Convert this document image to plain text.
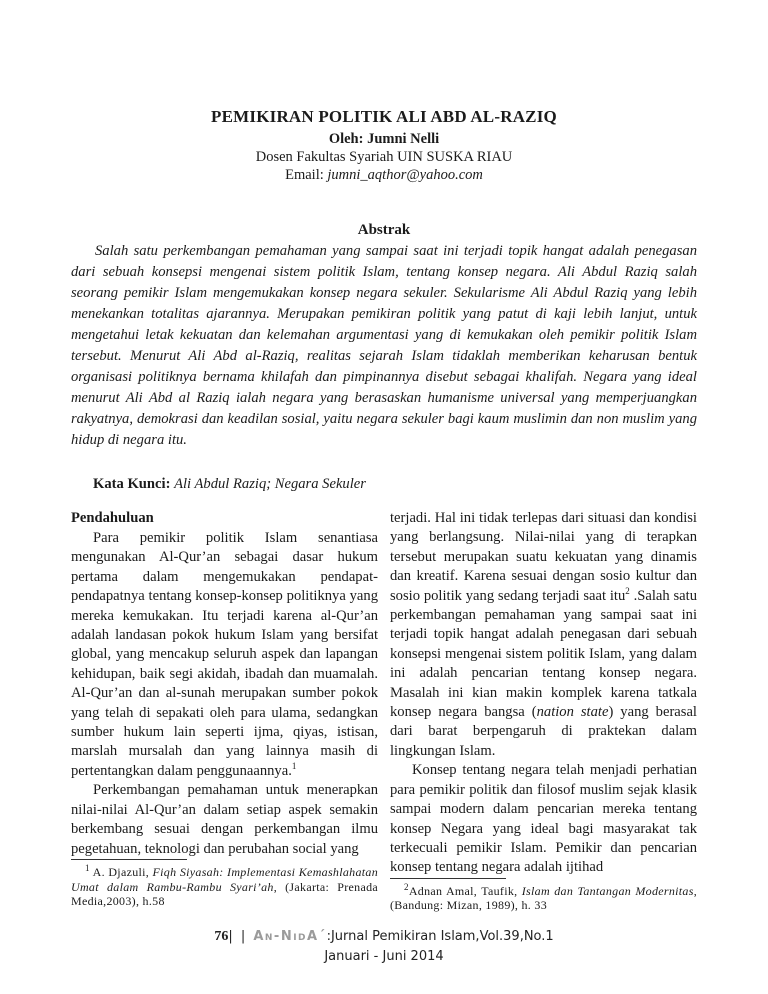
PEMIKIRAN POLITIK ALI ABD AL-RAZIQ
Oleh: Jumni Nelli
Dosen Fakultas Syariah UIN SUSKA RIAU
Email: jumni_aqthor@yahoo.com
Abstrak

Salah satu perkembangan pemahaman yang sampai saat ini terjadi topik hangat adalah penegasan dari sebuah konsepsi mengenai sistem politik Islam, tentang konsep negara. Ali Abdul Raziq salah seorang pemikir Islam mengemukakan konsep negara sekuler. Sekularisme Ali Abdul Raziq yang lebih menekankan totalitas ajarannya. Merupakan pemikiran politik yang patut di kaji lebih lanjut, untuk mengetahui letak kekuatan dan kelemahan argumentasi yang di kemukakan oleh pemikir politik Islam tersebut. Menurut Ali Abd al-Raziq, realitas sejarah Islam tidaklah memberikan keharusan bentuk organisasi politiknya bernama khilafah dan pimpinannya disebut sebagai khalifah. Negara yang ideal menurut Ali Abd al Raziq ialah negara yang berasaskan humanisme universal yang memperjuangkan rakyatnya, demokrasi dan keadilan sosial, yaitu negara sekuler bagi kaum muslimin dan non muslim yang hidup di negara itu.

Kata Kunci: Ali Abdul Raziq; Negara Sekuler
Pendahuluan

Para pemikir politik Islam senantiasa mengunakan Al-Qur’an sebagai dasar hukum pertama dalam mengemukakan pendapat-pendapatnya tentang konsep-konsep politiknya yang mereka kemukakan. Itu terjadi karena al-Qur’an adalah landasan pokok hukum Islam yang bersifat global, yang mencakup seluruh aspek dan lapangan kehidupan, baik segi akidah, ibadah dan muamalah. Al-Qur’an dan al-sunah merupakan sumber pokok yang telah di sepakati oleh para ulama, sedangkan sumber hukum lain seperti ijma, qiyas, istisan, marslah mursalah dan yang lainnya masih di pertentangkan dalam penggunaannya.$^1$

Perkembangan pemahaman untuk menerapkan nilai-nilai Al-Qur’an dalam setiap aspek semakin berkembang sesuai dengan perkembangan ilmu pegetahuan, teknologi dan perubahan social yang

$^1$ A. Djazuli, Fiqh Siyasah: Implementasi Kemashlahatan Umat dalam Rambu-Rambu Syari’ah, (Jakarta: Prenada Media,2003), h.58

terjadi. Hal ini tidak terlepas dari situasi dan kondisi yang berlangsung. Nilai-nilai yang di terapkan tersebut merupakan suatu kekuatan yang dinamis dan kreatif. Karena sesuai dengan sosio kultur dan sosio politik yang sedang terjadi saat itu$^2$ .Salah satu perkembangan pemahaman yang sampai saat ini terjadi topik hangat adalah penegasan dari sebuah konsepsi mengenai sistem politik Islam, yang dalam ini adalah pencarian tentang konsep negara. Masalah ini kian makin komplek karena tatkala konsep negara bangsa (nation state) yang berasal dari barat berpengaruh di praktekan dalam lingkungan Islam.

Konsep tentang negara telah menjadi perhatian para pemikir politik dan filosof muslim sejak klasik sampai modern dalam pencarian mereka tentang konsep Negara yang ideal bagi masyarakat tak terkecuali pemikir Islam. Pemikir dan pencarian konsep tentang negara adalah ijtihad

$^2$Adnan Amal, Taufik, Islam dan Tantangan Modernitas, (Bandung: Mizan, 1989), h. 33
76| | An-NidA´:Jurnal Pemikiran Islam,Vol.39,No.1
Januari - Juni 2014
